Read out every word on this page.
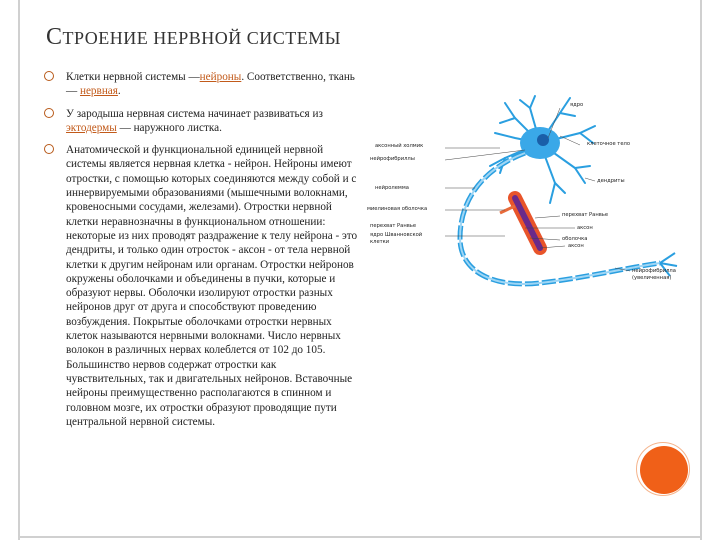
СТРОЕНИЕ НЕРВНОЙ СИСТЕМЫ
Клетки нервной системы —нейроны. Соответственно, ткань — нервная.
У зародыша нервная система начинает развиваться из эктодермы — наружного листка.
Анатомической и функциональной единицей нервной системы является нервная клетка - нейрон. Нейроны имеют отростки, с помощью которых соединяются между собой и с иннервируемыми образованиями (мышечными волокнами, кровеносными сосудами, железами). Отростки нервной клетки неравнозначны в функциональном отношении: некоторые из них проводят раздражение к телу нейрона - это дендриты, и только один отросток - аксон - от тела нервной клетки к другим нейронам или органам. Отростки нейронов окружены оболочками и объединены в пучки, которые и образуют нервы. Оболочки изолируют отростки разных нейронов друг от друга и способствуют проведению возбуждения. Покрытые оболочками отростки нервных клеток называются нервными волокнами. Число нервных волокон в различных нервах колеблется от 102 до 105. Большинство нервов содержат отростки как чувствительных, так и двигательных нейронов. Вставочные нейроны преимущественно располагаются в спинном и головном мозге, их отростки образуют проводящие пути центральной нервной системы.
ядро
аксонный холмик	клеточное тело
нейрофибриллы
дендриты
нейролемма
перехват Ранвье
миелиновая оболочка
аксон
оболочка
ядро Шванновской
клетки
перехват Ранвье
аксон
нейрофибрилла
(увеличенная)
